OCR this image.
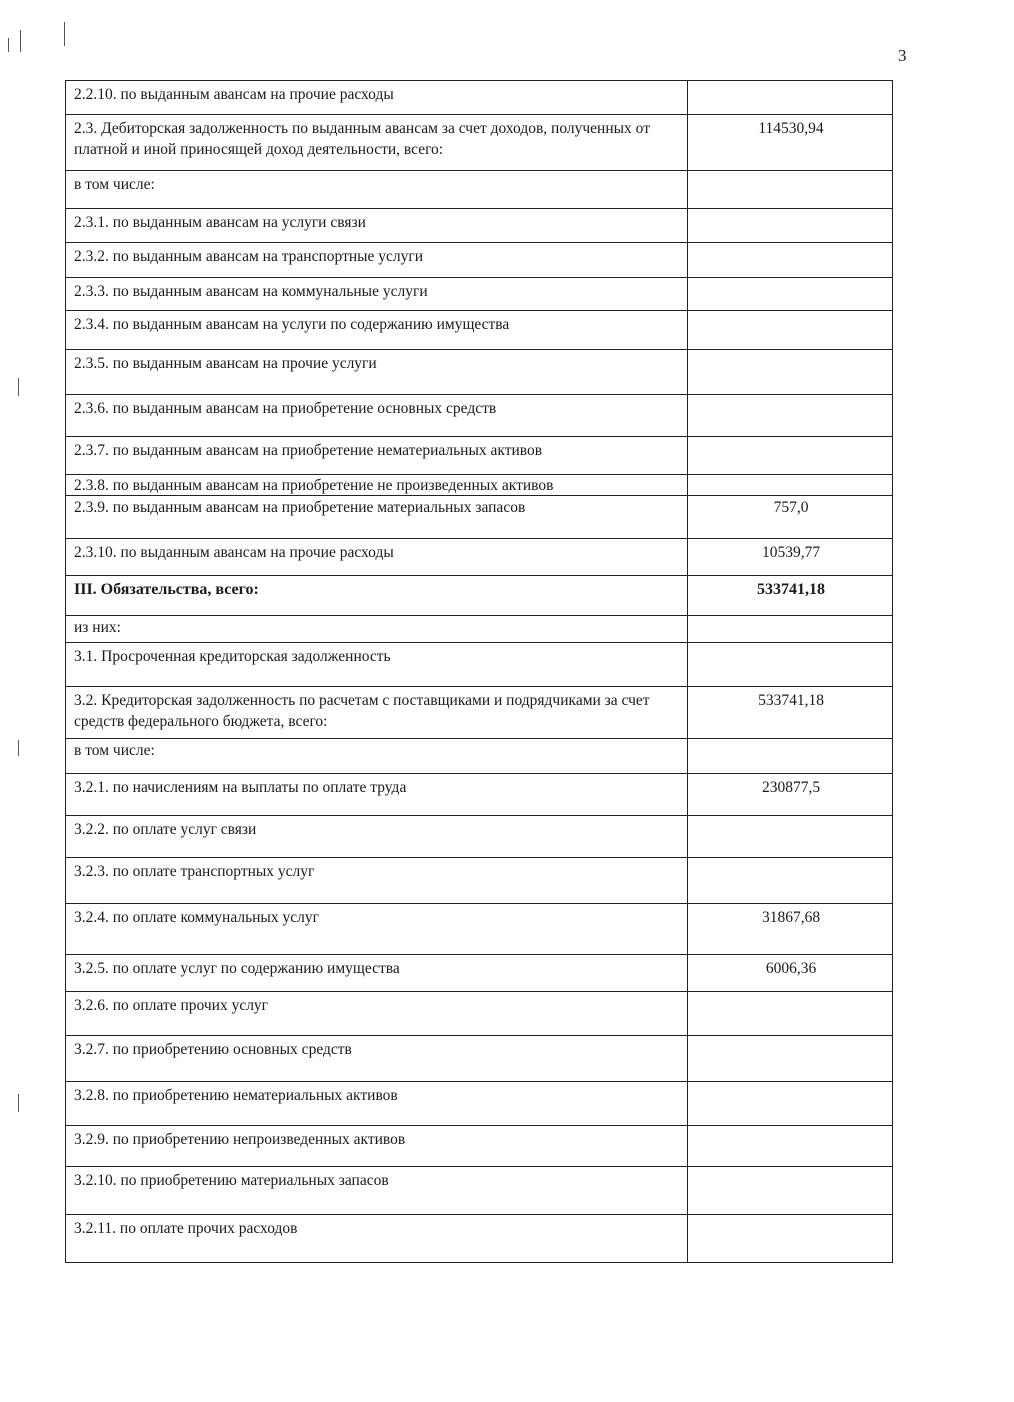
3
2.2.10. по выданным авансам на прочие расходы	
2.3. Дебиторская задолженность по выданным авансам за счет доходов, полученных от платной и иной приносящей доход деятельности, всего:	114530,94
в том числе:	
2.3.1. по выданным авансам на услуги связи	
2.3.2. по выданным авансам на транспортные услуги	
2.3.3. по выданным авансам на коммунальные услуги	
2.3.4. по выданным авансам на услуги по содержанию имущества	
2.3.5. по выданным авансам на прочие услуги	
2.3.6. по выданным авансам на приобретение основных средств	
2.3.7. по выданным авансам на приобретение нематериальных активов	
2.3.8. по выданным авансам на приобретение не произведенных активов	
2.3.9. по выданным авансам на приобретение материальных запасов	757,0
2.3.10. по выданным авансам на прочие расходы	10539,77
III. Обязательства, всего:	533741,18
из них:	
3.1. Просроченная кредиторская задолженность	
3.2. Кредиторская задолженность по расчетам с поставщиками и подрядчиками за счет средств федерального бюджета, всего:	533741,18
в том числе:	
3.2.1. по начислениям на выплаты по оплате труда	230877,5
3.2.2. по оплате услуг связи	
3.2.3. по оплате транспортных услуг	
3.2.4. по оплате коммунальных услуг	31867,68
3.2.5. по оплате услуг по содержанию имущества	6006,36
3.2.6. по оплате прочих услуг	
3.2.7. по приобретению основных средств	
3.2.8. по приобретению нематериальных активов	
3.2.9. по приобретению непроизведенных активов	
3.2.10. по приобретению материальных запасов	
3.2.11. по оплате прочих расходов	
